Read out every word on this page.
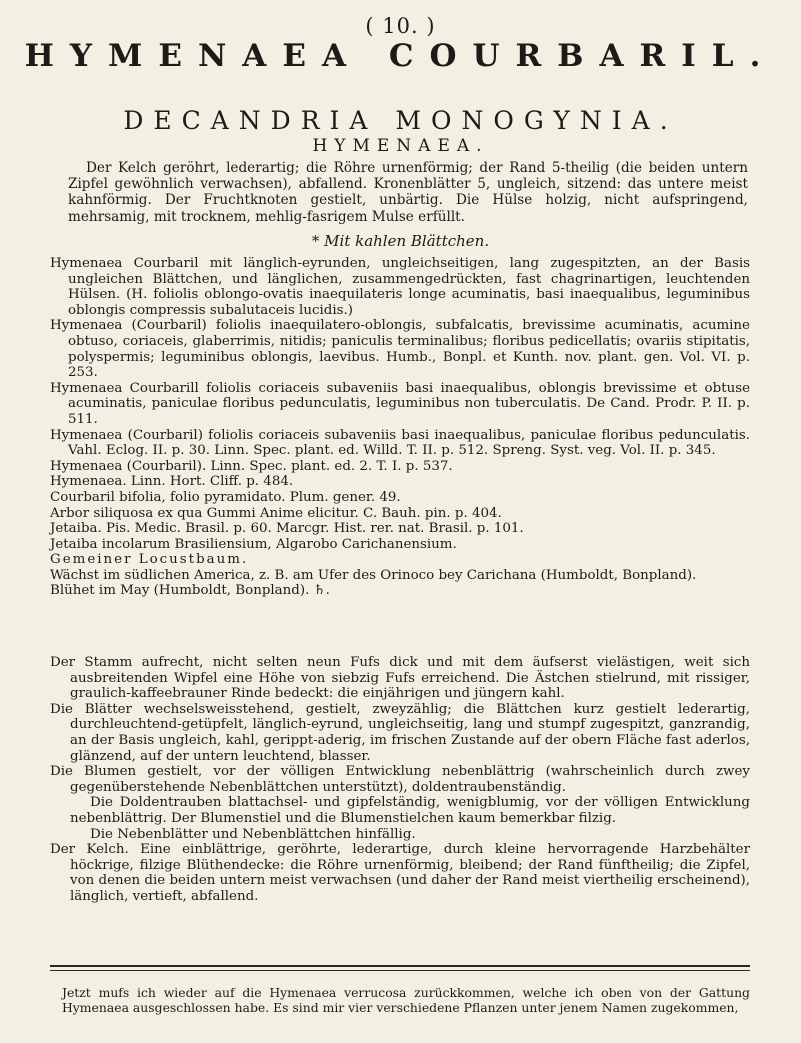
( 10. )
HYMENAEA COURBARIL.
DECANDRIA MONOGYNIA.
HYMENAEA.

Der Kelch geröhrt, lederartig; die Röhre urnenförmig; der Rand 5-theilig (die beiden untern Zipfel gewöhnlich verwachsen), abfallend. Kronenblätter 5, ungleich, sitzend: das untere meist kahnförmig. Der Fruchtknoten gestielt, unbärtig. Die Hülse holzig, nicht aufspringend, mehrsamig, mit trocknem, mehlig-fasrigem Mulse erfüllt.

* Mit kahlen Blättchen.

Hymenaea Courbaril mit länglich-eyrunden, ungleichseitigen, lang zugespitzten, an der Basis ungleichen Blättchen, und länglichen, zusammengedrückten, fast chagrinartigen, leuchtenden Hülsen. (H. foliolis oblongo-ovatis inaequilateris longe acuminatis, basi inaequalibus, leguminibus oblongis compressis subalutaceis lucidis.)

Hymenaea (Courbaril) foliolis inaequilatero-oblongis, subfalcatis, brevissime acuminatis, acumine obtuso, coriaceis, glaberrimis, nitidis; paniculis terminalibus; floribus pedicellatis; ovariis stipitatis, polyspermis; leguminibus oblongis, laevibus. Humb., Bonpl. et Kunth. nov. plant. gen. Vol. VI. p. 253.

Hymenaea Courbarill foliolis coriaceis subaveniis basi inaequalibus, oblongis brevissime et obtuse acuminatis, paniculae floribus pedunculatis, leguminibus non tuberculatis. De Cand. Prodr. P. II. p. 511.

Hymenaea (Courbaril) foliolis coriaceis subaveniis basi inaequalibus, paniculae floribus pedunculatis. Vahl. Eclog. II. p. 30. Linn. Spec. plant. ed. Willd. T. II. p. 512. Spreng. Syst. veg. Vol. II. p. 345.

Hymenaea (Courbaril). Linn. Spec. plant. ed. 2. T. I. p. 537.

Hymenaea. Linn. Hort. Cliff. p. 484.

Courbaril bifolia, folio pyramidato. Plum. gener. 49.

Arbor siliquosa ex qua Gummi Anime elicitur. C. Bauh. pin. p. 404.

Jetaiba. Pis. Medic. Brasil. p. 60. Marcgr. Hist. rer. nat. Brasil. p. 101.

Jetaiba incolarum Brasiliensium, Algarobo Carichanensium.

Gemeiner Locustbaum.

Wächst im südlichen America, z. B. am Ufer des Orinoco bey Carichana (Humboldt, Bonpland).

Blühet im May (Humboldt, Bonpland). ♄.

Der Stamm aufrecht, nicht selten neun Fufs dick und mit dem äufserst vielästigen, weit sich ausbreitenden Wipfel eine Höhe von siebzig Fufs erreichend. Die Ästchen stielrund, mit rissiger, graulich-kaffeebrauner Rinde bedeckt: die einjährigen und jüngern kahl.

Die Blätter wechselsweisstehend, gestielt, zweyzählig; die Blättchen kurz gestielt lederartig, durchleuchtend-getüpfelt, länglich-eyrund, ungleichseitig, lang und stumpf zugespitzt, ganzrandig, an der Basis ungleich, kahl, gerippt-aderig, im frischen Zustande auf der obern Fläche fast aderlos, glänzend, auf der untern leuchtend, blasser.

Die Blumen gestielt, vor der völligen Entwicklung nebenblättrig (wahrscheinlich durch zwey gegenüberstehende Nebenblättchen unterstützt), doldentraubenständig.

Die Doldentrauben blattachsel- und gipfelständig, wenigblumig, vor der völligen Entwicklung nebenblättrig. Der Blumenstiel und die Blumenstielchen kaum bemerkbar filzig.

Die Nebenblätter und Nebenblättchen hinfällig.

Der Kelch. Eine einblättrige, geröhrte, lederartige, durch kleine hervorragende Harzbehälter höckrige, filzige Blüthendecke: die Röhre urnenförmig, bleibend; der Rand fünftheilig; die Zipfel, von denen die beiden untern meist verwachsen (und daher der Rand meist viertheilig erscheinend), länglich, vertieft, abfallend.

Jetzt mufs ich wieder auf die Hymenaea verrucosa zurückkommen, welche ich oben von der Gattung Hymenaea ausgeschlossen habe. Es sind mir vier verschiedene Pflanzen unter jenem Namen zugekommen,
